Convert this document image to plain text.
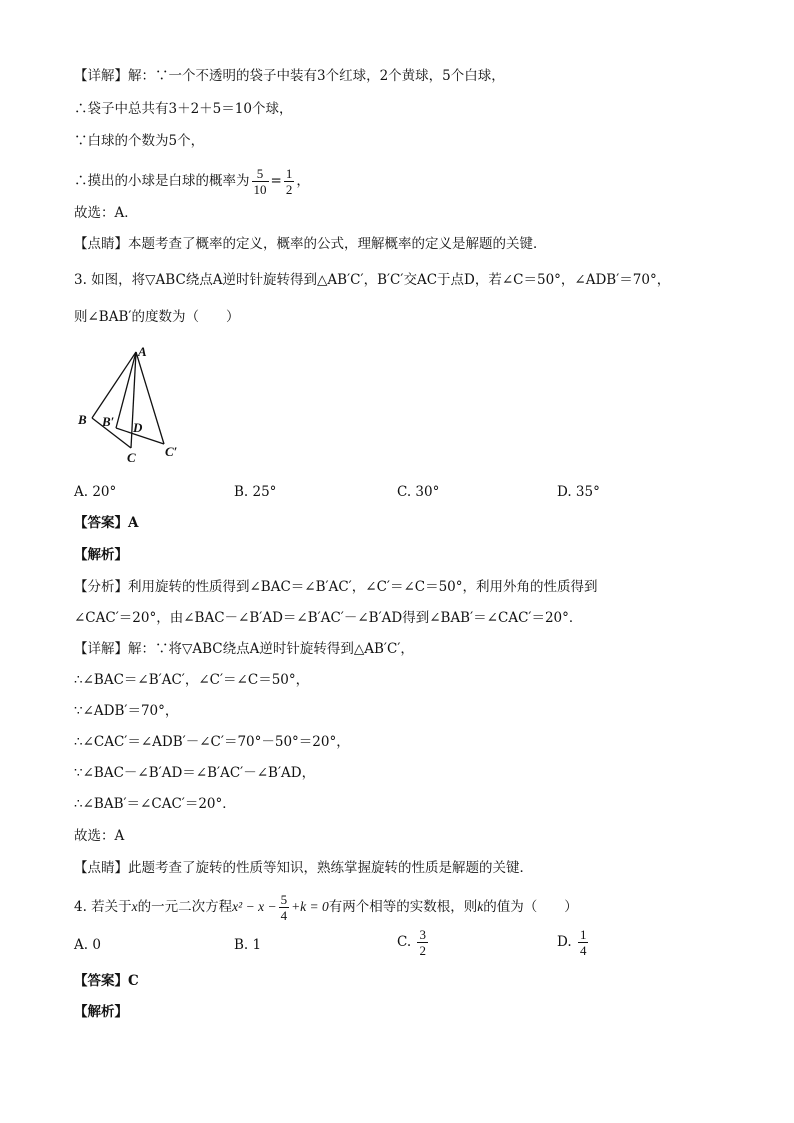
【详解】解：∵一个不透明的袋子中装有3个红球，2个黄球，5个白球，
∴袋子中总共有3＋2＋5＝10个球，
∵白球的个数为5个，
∴摸出的小球是白球的概率为 $\frac{5}{10} = \frac{1}{2}$ ，
故选：A．
【点睛】本题考查了概率的定义，概率的公式，理解概率的定义是解题的关键．
3. 如图，将▽ABC绕点A逆时针旋转得到△AB′C′，B′C′交AC于点D，若∠C＝50°，∠ADB′＝70°，
则∠BAB′的度数为（　　）
A
B B′
C
D
C′
A. 20°	B. 25°	C. 30°	D. 35°
【答案】A
【解析】
【分析】利用旋转的性质得到∠BAC＝∠B′AC′，∠C′＝∠C＝50°，利用外角的性质得到
∠CAC′＝20°，由∠BAC－∠B′AD＝∠B′AC′－∠B′AD得到∠BAB′＝∠CAC′＝20°．
【详解】解：∵将▽ABC绕点A逆时针旋转得到△AB′C′，
∴∠BAC＝∠B′AC′，∠C′＝∠C＝50°，
∵∠ADB′＝70°，
∴∠CAC′＝∠ADB′－∠C′＝70°－50°＝20°，
∵∠BAC－∠B′AD＝∠B′AC′－∠B′AD，
∴∠BAB′＝∠CAC′＝20°．
故选：A
【点睛】此题考查了旋转的性质等知识，熟练掌握旋转的性质是解题的关键．
4. 若关于x的一元二次方程$x^2 - x - \frac{5}{4} +k = 0$有两个相等的实数根，则k的值为（　　）
A. 0	B. 1	C. $\frac{3}{2}$	D. $\frac{1}{4}$
【答案】C
【解析】
